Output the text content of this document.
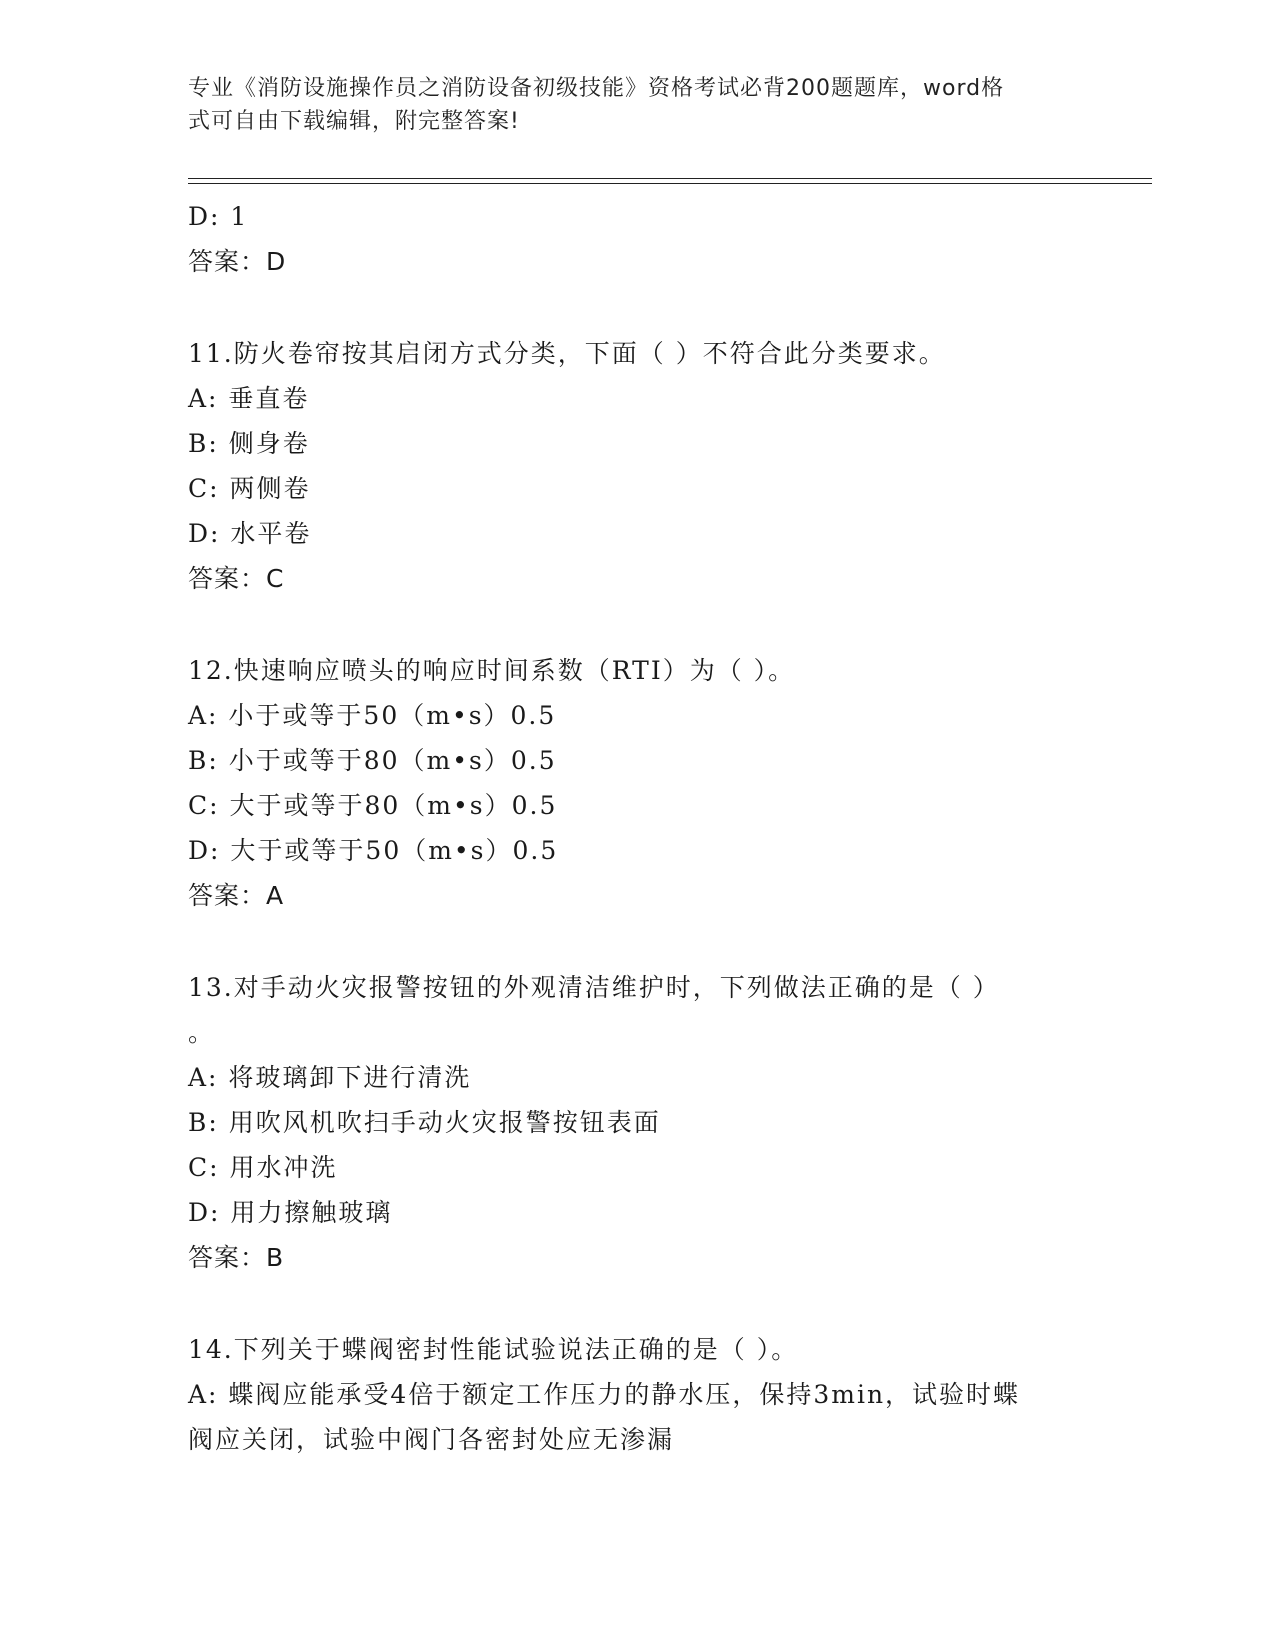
专业《消防设施操作员之消防设备初级技能》资格考试必背200题题库，word格
式可自由下载编辑，附完整答案!
D: 1
答案：D
11.防火卷帘按其启闭方式分类，下面（ ）不符合此分类要求。
A: 垂直卷
B: 侧身卷
C: 两侧卷
D: 水平卷
答案：C
12.快速响应喷头的响应时间系数（RTI）为（ ）。
A: 小于或等于50（m•s）0.5
B: 小于或等于80（m•s）0.5
C: 大于或等于80（m•s）0.5
D: 大于或等于50（m•s）0.5
答案：A
13.对手动火灾报警按钮的外观清洁维护时，下列做法正确的是（ ）
。
A: 将玻璃卸下进行清洗
B: 用吹风机吹扫手动火灾报警按钮表面
C: 用水冲洗
D: 用力擦触玻璃
答案：B
14.下列关于蝶阀密封性能试验说法正确的是（ ）。
A: 蝶阀应能承受4倍于额定工作压力的静水压，保持3min，试验时蝶
阀应关闭，试验中阀门各密封处应无渗漏
